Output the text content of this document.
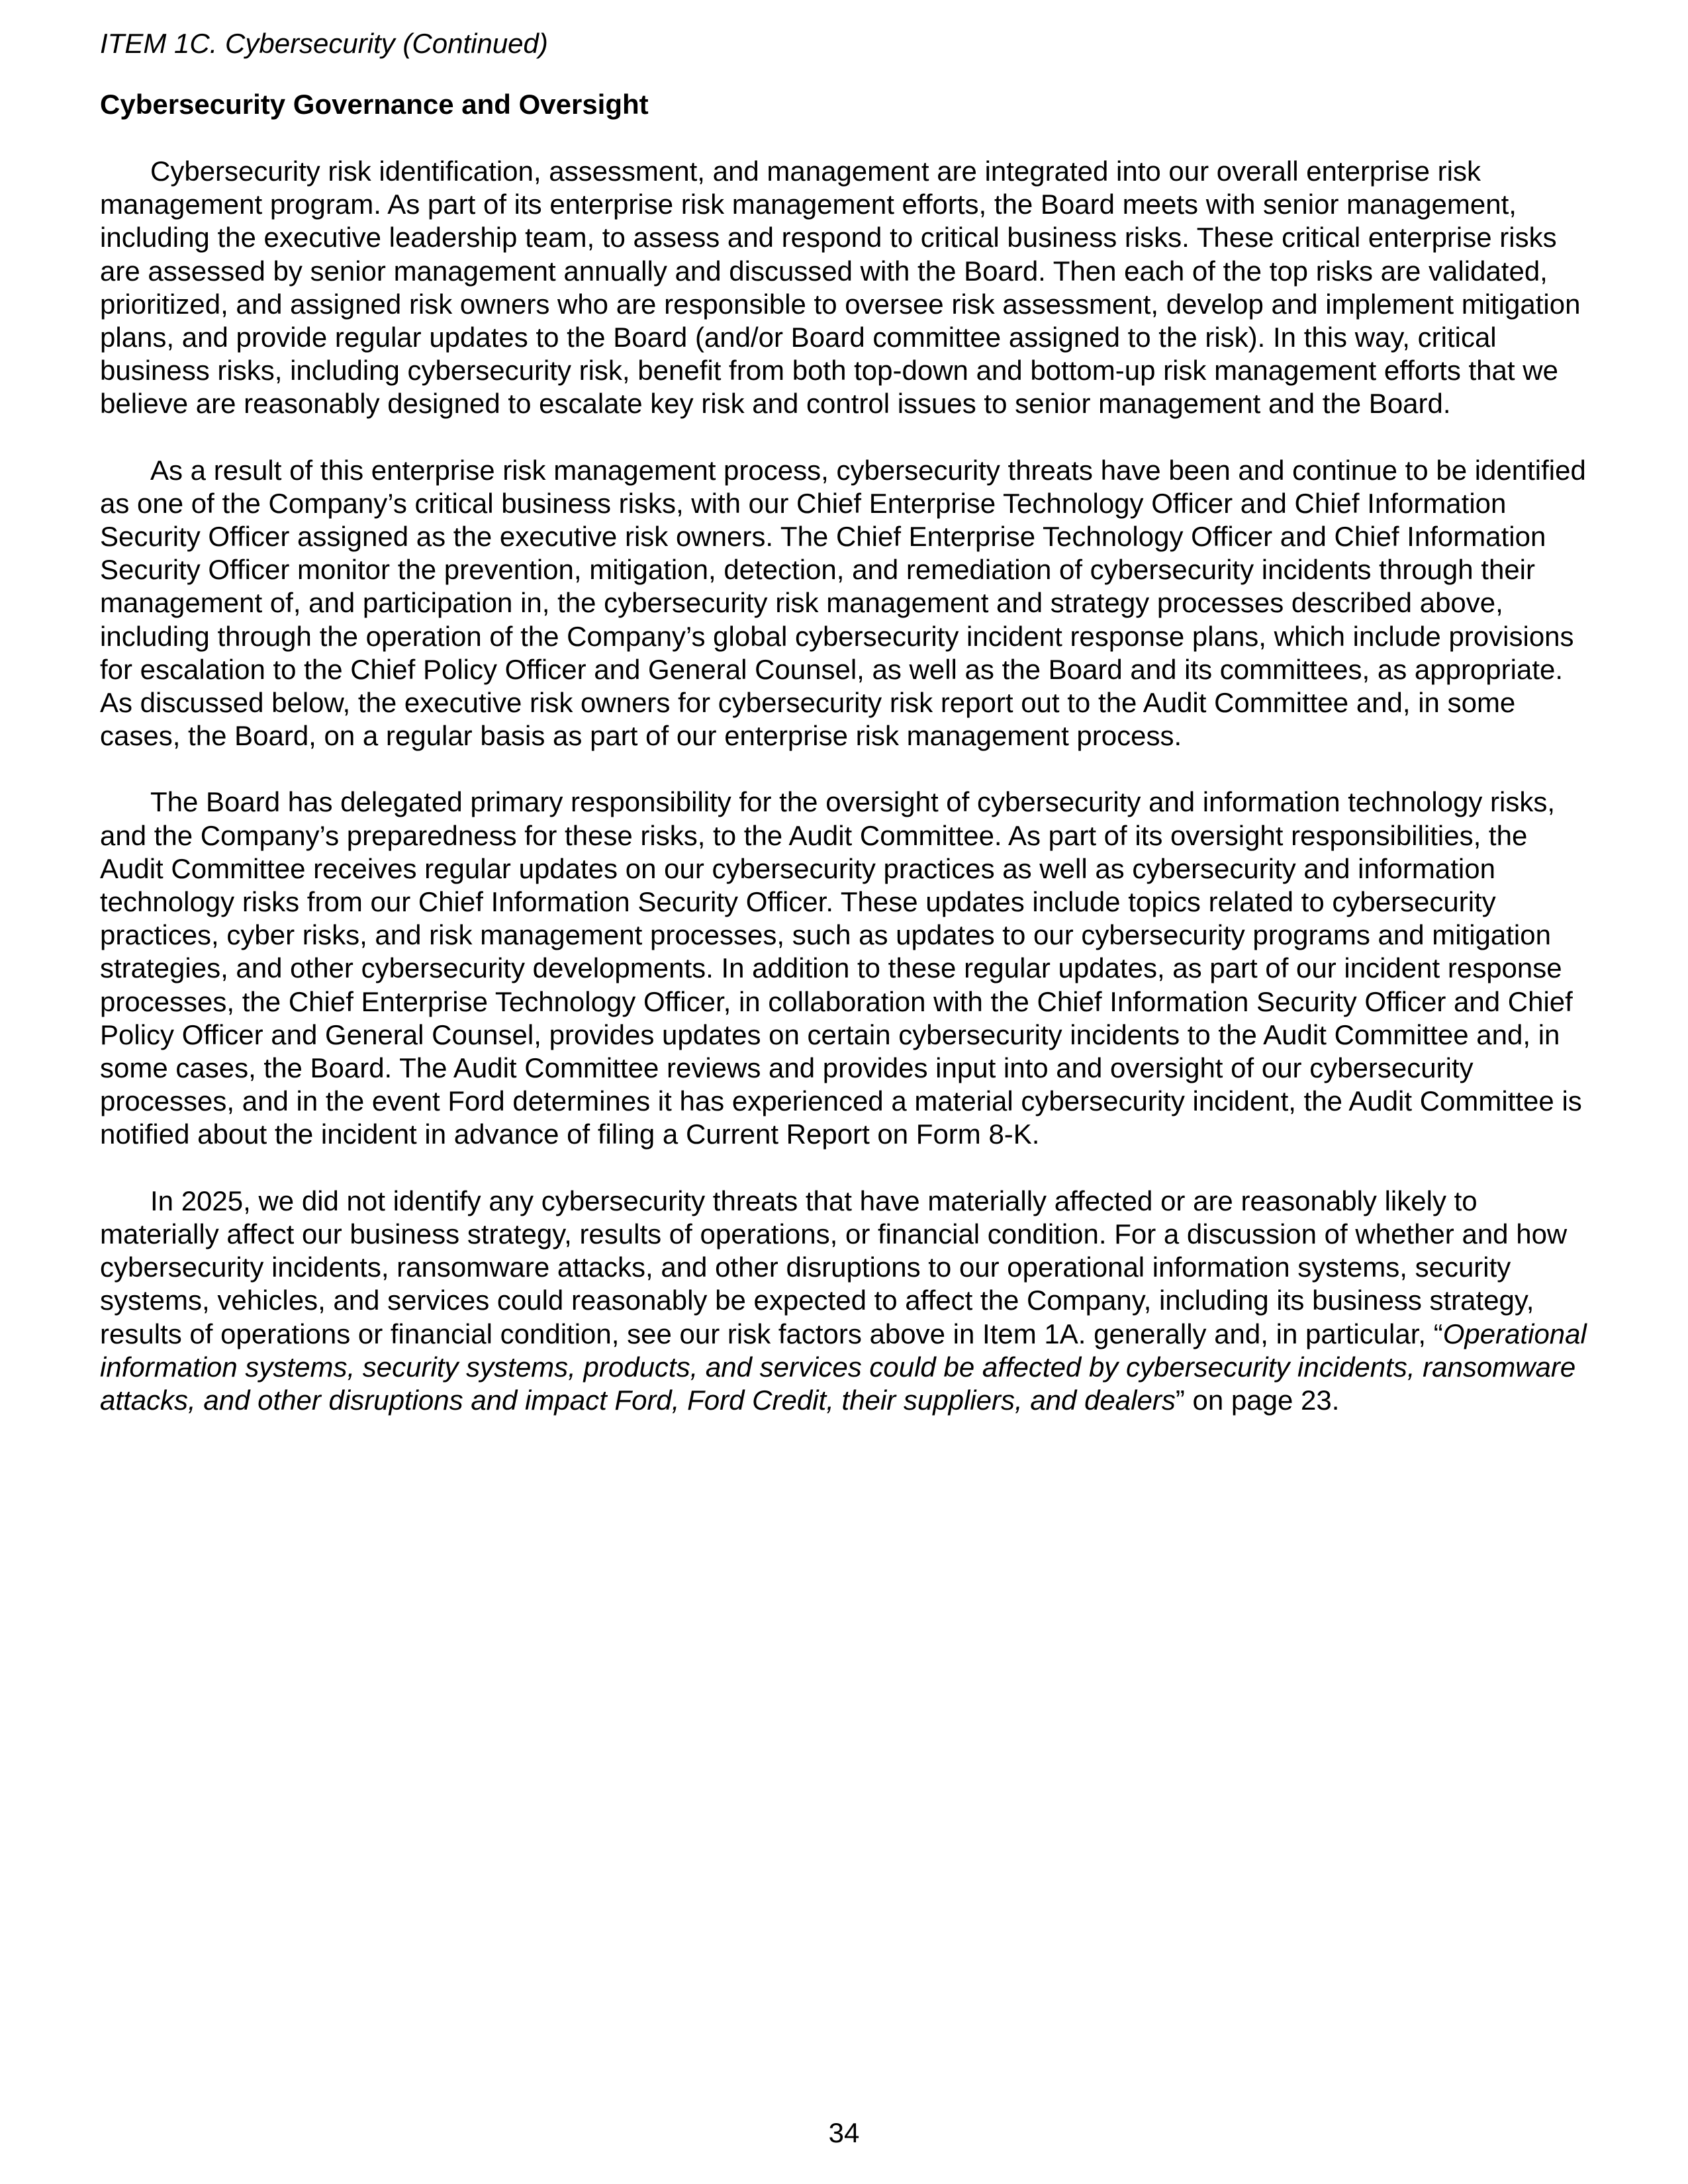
ITEM 1C. Cybersecurity (Continued)
Cybersecurity Governance and Oversight

Cybersecurity risk identification, assessment, and management are integrated into our overall enterprise risk management program. As part of its enterprise risk management efforts, the Board meets with senior management, including the executive leadership team, to assess and respond to critical business risks. These critical enterprise risks are assessed by senior management annually and discussed with the Board. Then each of the top risks are validated, prioritized, and assigned risk owners who are responsible to oversee risk assessment, develop and implement mitigation plans, and provide regular updates to the Board (and/or Board committee assigned to the risk). In this way, critical business risks, including cybersecurity risk, benefit from both top-down and bottom-up risk management efforts that we believe are reasonably designed to escalate key risk and control issues to senior management and the Board.

As a result of this enterprise risk management process, cybersecurity threats have been and continue to be identified as one of the Company’s critical business risks, with our Chief Enterprise Technology Officer and Chief Information Security Officer assigned as the executive risk owners. The Chief Enterprise Technology Officer and Chief Information Security Officer monitor the prevention, mitigation, detection, and remediation of cybersecurity incidents through their management of, and participation in, the cybersecurity risk management and strategy processes described above, including through the operation of the Company’s global cybersecurity incident response plans, which include provisions for escalation to the Chief Policy Officer and General Counsel, as well as the Board and its committees, as appropriate. As discussed below, the executive risk owners for cybersecurity risk report out to the Audit Committee and, in some cases, the Board, on a regular basis as part of our enterprise risk management process.

The Board has delegated primary responsibility for the oversight of cybersecurity and information technology risks, and the Company’s preparedness for these risks, to the Audit Committee. As part of its oversight responsibilities, the Audit Committee receives regular updates on our cybersecurity practices as well as cybersecurity and information technology risks from our Chief Information Security Officer. These updates include topics related to cybersecurity practices, cyber risks, and risk management processes, such as updates to our cybersecurity programs and mitigation strategies, and other cybersecurity developments. In addition to these regular updates, as part of our incident response processes, the Chief Enterprise Technology Officer, in collaboration with the Chief Information Security Officer and Chief Policy Officer and General Counsel, provides updates on certain cybersecurity incidents to the Audit Committee and, in some cases, the Board. The Audit Committee reviews and provides input into and oversight of our cybersecurity processes, and in the event Ford determines it has experienced a material cybersecurity incident, the Audit Committee is notified about the incident in advance of filing a Current Report on Form 8-K.

In 2025, we did not identify any cybersecurity threats that have materially affected or are reasonably likely to materially affect our business strategy, results of operations, or financial condition. For a discussion of whether and how cybersecurity incidents, ransomware attacks, and other disruptions to our operational information systems, security systems, vehicles, and services could reasonably be expected to affect the Company, including its business strategy, results of operations or financial condition, see our risk factors above in Item 1A. generally and, in particular, “Operational information systems, security systems, products, and services could be affected by cybersecurity incidents, ransomware attacks, and other disruptions and impact Ford, Ford Credit, their suppliers, and dealers” on page 23.

34
